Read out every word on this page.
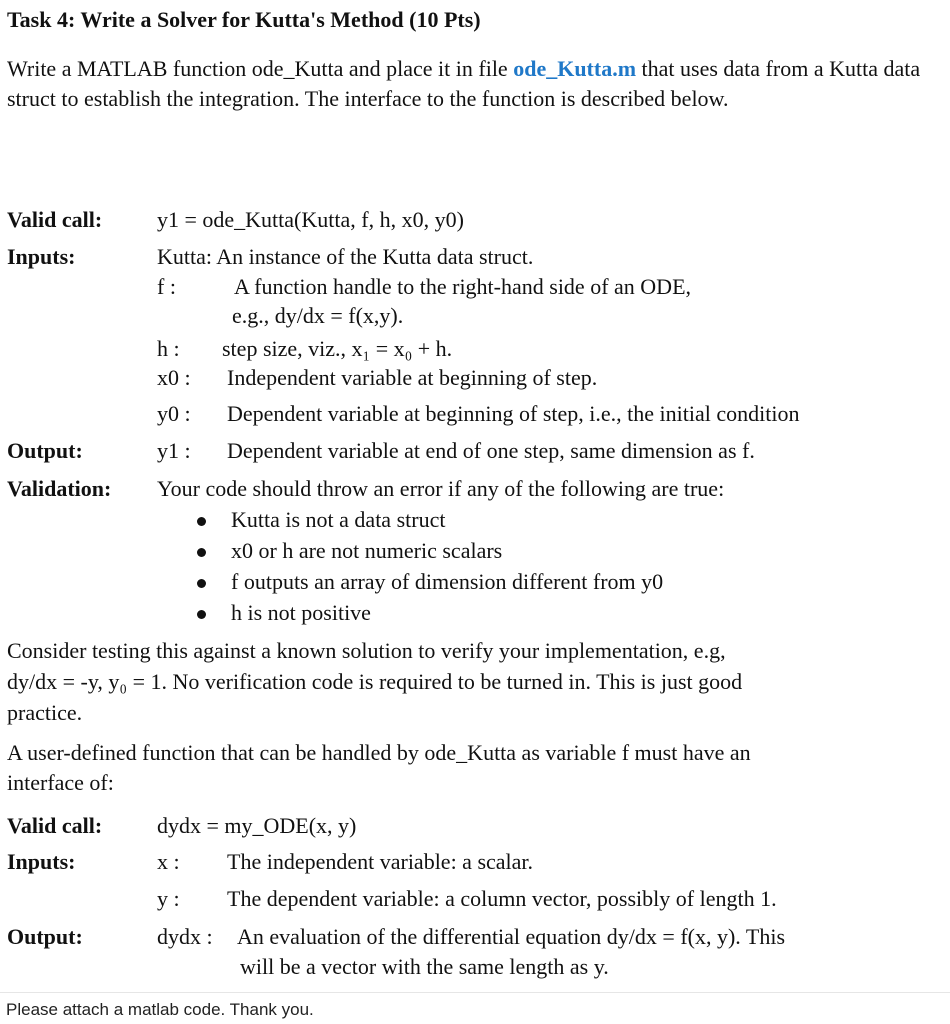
Task 4: Write a Solver for Kutta's Method (10 Pts)
Write a MATLAB function ode_Kutta and place it in file ode_Kutta.m that uses data from a Kutta data struct to establish the integration. The interface to the function is described below.
Valid call: y1 = ode_Kutta(Kutta, f, h, x0, y0)
Inputs:	Kutta: An instance of the Kutta data struct.
f :	A function handle to the right-hand side of an ODE,
e.g., dy/dx = f(x,y).
h : step size, viz., x₁ = x₀ + h.
x0 : Independent variable at beginning of step.
y0 : Dependent variable at beginning of step, i.e., the initial condition
Output:	y1 : Dependent variable at end of one step, same dimension as f.
Validation: Your code should throw an error if any of the following are true:
Kutta is not a data struct
x0 or h are not numeric scalars
f outputs an array of dimension different from y0
h is not positive
Consider testing this against a known solution to verify your implementation, e.g,
dy/dx = -y, y₀ = 1. No verification code is required to be turned in. This is just good
practice.
A user-defined function that can be handled by ode_Kutta as variable f must have an
interface of:
Valid call: dydx = my_ODE(x, y)
Inputs:	x : The independent variable: a scalar.
y : The dependent variable: a column vector, possibly of length 1.
Output:	dydx : An evaluation of the differential equation dy/dx = f(x, y). This
will be a vector with the same length as y.
Please attach a matlab code. Thank you.
